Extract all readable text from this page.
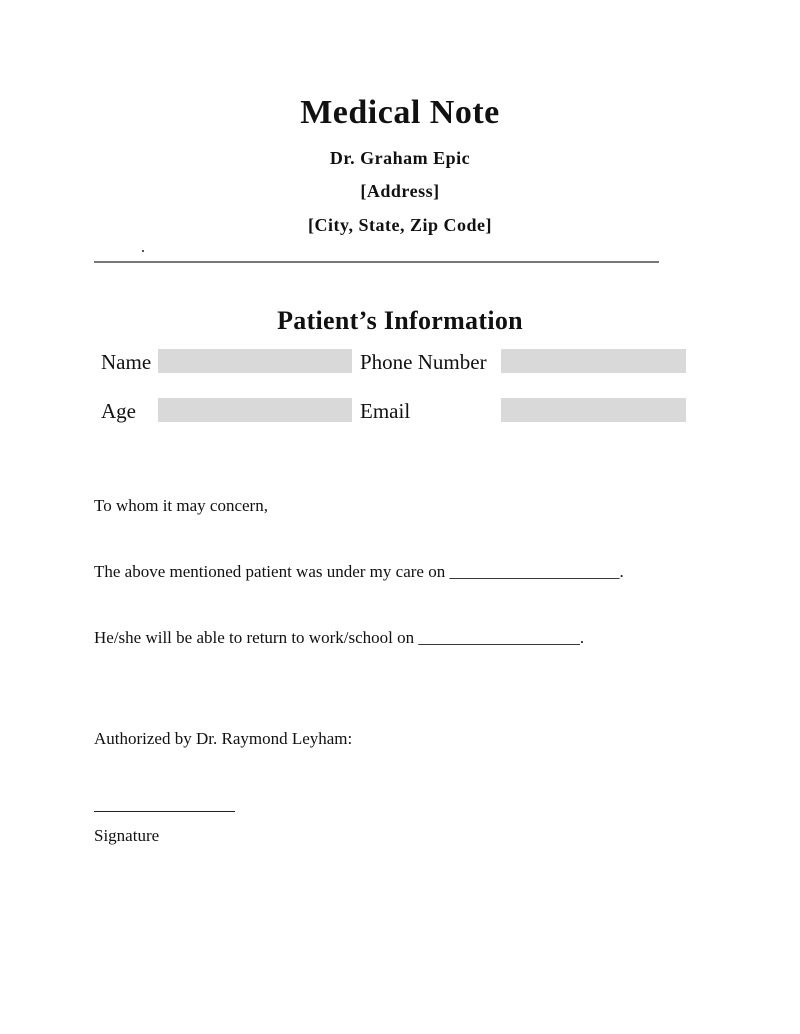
Medical Note
Dr. Graham Epic
[Address]
[City, State, Zip Code]
Patient’s Information
Name	Phone Number
Age	Email
To whom it may concern,
The above mentioned patient was under my care on ____________________.
He/she will be able to return to work/school on ___________________.
Authorized by Dr. Raymond Leyham:
Signature
